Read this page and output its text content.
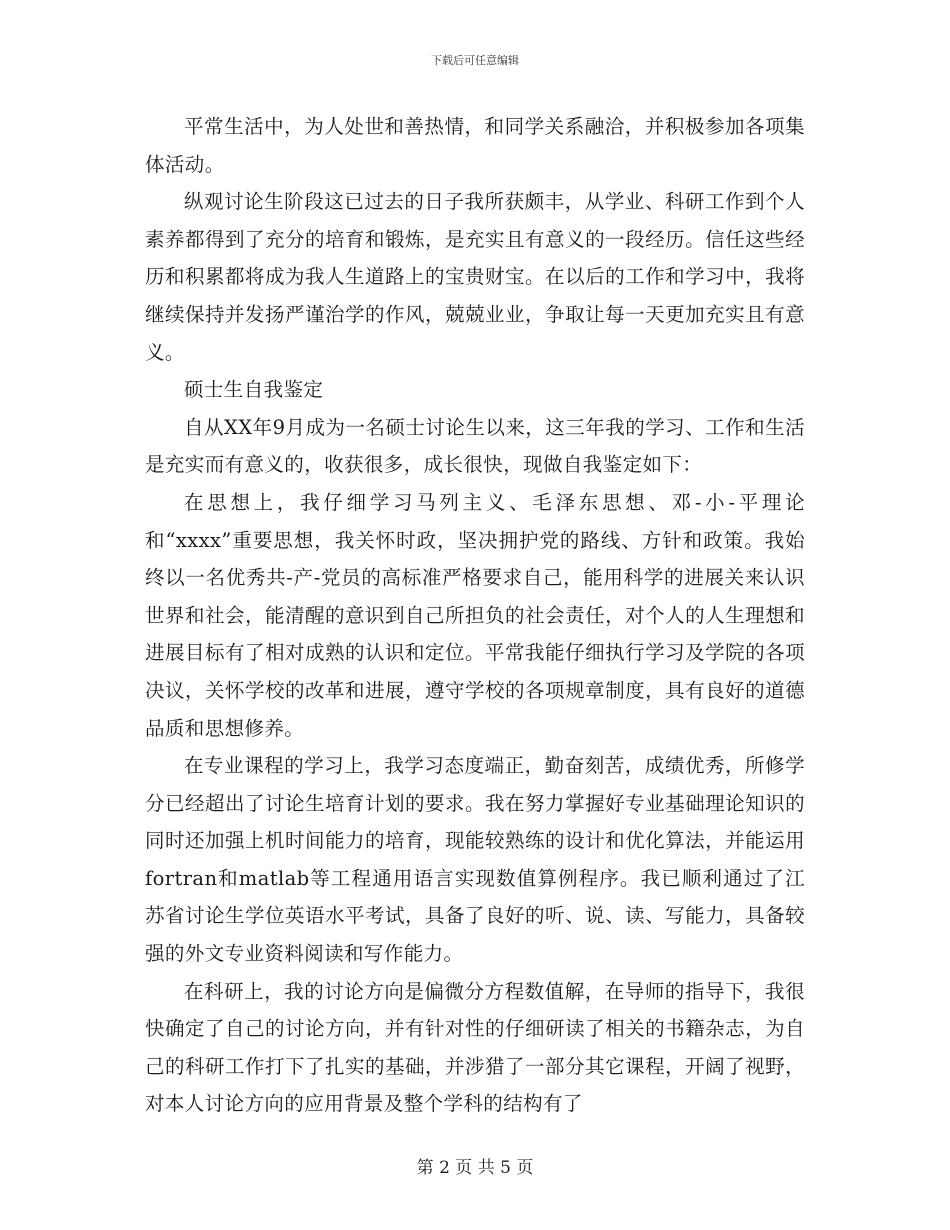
下载后可任意编辑

平常生活中，为人处世和善热情，和同学关系融洽，并积极参加各项集体活动。

纵观讨论生阶段这已过去的日子我所获颇丰，从学业、科研工作到个人素养都得到了充分的培育和锻炼，是充实且有意义的一段经历。信任这些经历和积累都将成为我人生道路上的宝贵财宝。在以后的工作和学习中，我将继续保持并发扬严谨治学的作风，兢兢业业，争取让每一天更加充实且有意义。

硕士生自我鉴定

自从XX年9月成为一名硕士讨论生以来，这三年我的学习、工作和生活是充实而有意义的，收获很多，成长很快，现做自我鉴定如下：

在思想上，我仔细学习马列主义、毛泽东思想、邓-小-平理论和“xxxx”重要思想，我关怀时政，坚决拥护党的路线、方针和政策。我始终以一名优秀共-产-党员的高标准严格要求自己，能用科学的进展关来认识世界和社会，能清醒的意识到自己所担负的社会责任，对个人的人生理想和进展目标有了相对成熟的认识和定位。平常我能仔细执行学习及学院的各项决议，关怀学校的改革和进展，遵守学校的各项规章制度，具有良好的道德品质和思想修养。

在专业课程的学习上，我学习态度端正，勤奋刻苦，成绩优秀，所修学分已经超出了讨论生培育计划的要求。我在努力掌握好专业基础理论知识的同时还加强上机时间能力的培育，现能较熟练的设计和优化算法，并能运用fortran和matlab等工程通用语言实现数值算例程序。我已顺利通过了江苏省讨论生学位英语水平考试，具备了良好的听、说、读、写能力，具备较强的外文专业资料阅读和写作能力。

在科研上，我的讨论方向是偏微分方程数值解，在导师的指导下，我很快确定了自己的讨论方向，并有针对性的仔细研读了相关的书籍杂志，为自己的科研工作打下了扎实的基础，并涉猎了一部分其它课程，开阔了视野，对本人讨论方向的应用背景及整个学科的结构有了

第 2 页 共 5 页
